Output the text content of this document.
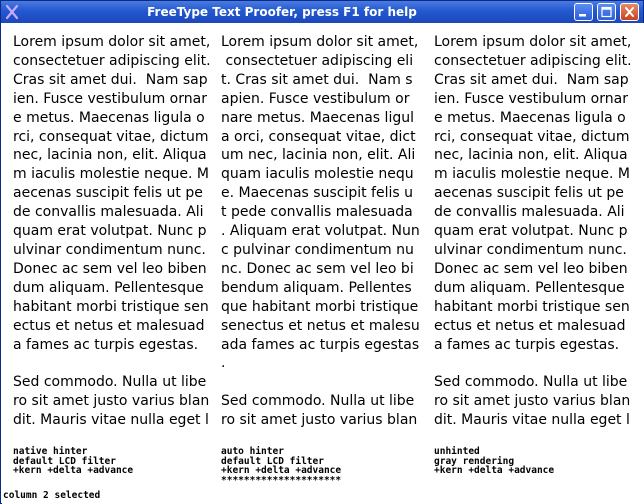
FreeType Text Proofer, press F1 for help
Lorem ipsum dolor sit amet,
consectetuer adipiscing elit.
Cras sit amet dui.  Nam sap
ien. Fusce vestibulum ornar
e metus. Maecenas ligula o
rci, consequat vitae, dictum
nec, lacinia non, elit. Aliqua
m iaculis molestie neque. M
aecenas suscipit felis ut pe
de convallis malesuada. Ali
quam erat volutpat. Nunc p
ulvinar condimentum nunc.
Donec ac sem vel leo biben
dum aliquam. Pellentesque
habitant morbi tristique sen
ectus et netus et malesuad
a fames ac turpis egestas.
Sed commodo. Nulla ut libe
ro sit amet justo varius blan
dit. Mauris vitae nulla eget l
Lorem ipsum dolor sit amet,
consectetuer adipiscing eli
t. Cras sit amet dui.  Nam s
apien. Fusce vestibulum or
nare metus. Maecenas ligul
a orci, consequat vitae, dict
um nec, lacinia non, elit. Ali
quam iaculis molestie nequ
e. Maecenas suscipit felis u
t pede convallis malesuada
. Aliquam erat volutpat. Nun
c pulvinar condimentum nu
nc. Donec ac sem vel leo bi
bendum aliquam. Pellentes
que habitant morbi tristique
senectus et netus et malesu
ada fames ac turpis egestas
.
Sed commodo. Nulla ut libe
ro sit amet justo varius blan
Lorem ipsum dolor sit amet,
consectetuer adipiscing elit.
Cras sit amet dui.  Nam sap
ien. Fusce vestibulum ornar
e metus. Maecenas ligula o
rci, consequat vitae, dictum
nec, lacinia non, elit. Aliqua
m iaculis molestie neque. M
aecenas suscipit felis ut pe
de convallis malesuada. Ali
quam erat volutpat. Nunc p
ulvinar condimentum nunc.
Donec ac sem vel leo biben
dum aliquam. Pellentesque
habitant morbi tristique sen
ectus et netus et malesuad
a fames ac turpis egestas.
Sed commodo. Nulla ut libe
ro sit amet justo varius blan
dit. Mauris vitae nulla eget l
native hinter
default LCD filter
+kern +delta +advance
auto hinter
default LCD filter
+kern +delta +advance
*********************
unhinted
gray rendering
+kern +delta +advance
column 2 selected
